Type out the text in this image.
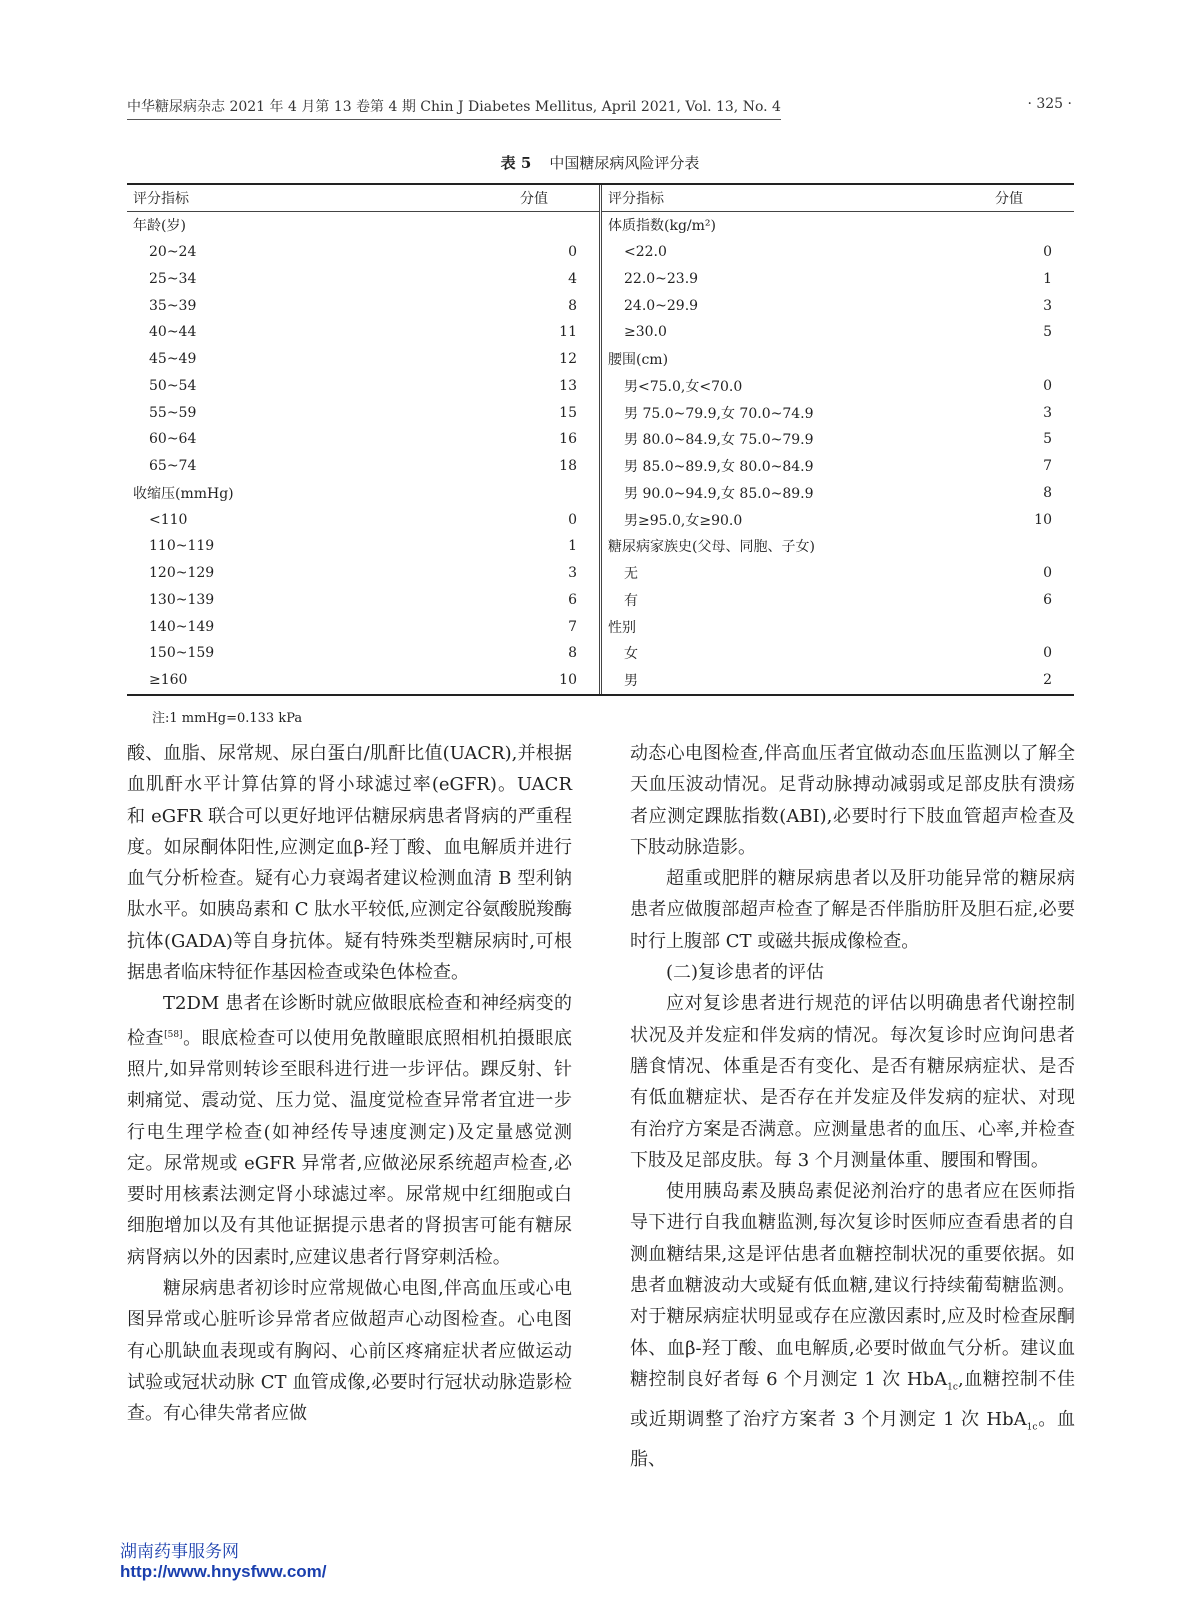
中华糖尿病杂志 2021 年 4 月第 13 卷第 4 期 Chin J Diabetes Mellitus, April 2021, Vol. 13, No. 4	· 325 ·
表 5 中国糖尿病风险评分表
评分指标	分值
年龄(岁)
20~24	0
25~34	4
35~39	8
40~44	11
45~49	12
50~54	13
55~59	15
60~64	16
65~74	18
收缩压(mmHg)
<110	0
110~119	1
120~129	3
130~139	6
140~149	7
150~159	8
≥160	10
评分指标	分值
体质指数(kg/m²)
<22.0	0
22.0~23.9	1
24.0~29.9	3
≥30.0	5
腰围(cm)
男<75.0,女<70.0	0
男 75.0~79.9,女 70.0~74.9	3
男 80.0~84.9,女 75.0~79.9	5
男 85.0~89.9,女 80.0~84.9	7
男 90.0~94.9,女 85.0~89.9	8
男≥95.0,女≥90.0	10
糖尿病家族史(父母、同胞、子女)
无	0
有	6
性别
女	0
男	2
注:1 mmHg=0.133 kPa

酸、血脂、尿常规、尿白蛋白/肌酐比值(UACR),并根据血肌酐水平计算估算的肾小球滤过率(eGFR)。UACR 和 eGFR 联合可以更好地评估糖尿病患者肾病的严重程度。如尿酮体阳性,应测定血β-羟丁酸、血电解质并进行血气分析检查。疑有心力衰竭者建议检测血清 B 型利钠肽水平。如胰岛素和 C 肽水平较低,应测定谷氨酸脱羧酶抗体(GADA)等自身抗体。疑有特殊类型糖尿病时,可根据患者临床特征作基因检查或染色体检查。

T2DM 患者在诊断时就应做眼底检查和神经病变的检查[58]。眼底检查可以使用免散瞳眼底照相机拍摄眼底照片,如异常则转诊至眼科进行进一步评估。踝反射、针刺痛觉、震动觉、压力觉、温度觉检查异常者宜进一步行电生理学检查(如神经传导速度测定)及定量感觉测定。尿常规或 eGFR 异常者,应做泌尿系统超声检查,必要时用核素法测定肾小球滤过率。尿常规中红细胞或白细胞增加以及有其他证据提示患者的肾损害可能有糖尿病肾病以外的因素时,应建议患者行肾穿刺活检。

糖尿病患者初诊时应常规做心电图,伴高血压或心电图异常或心脏听诊异常者应做超声心动图检查。心电图有心肌缺血表现或有胸闷、心前区疼痛症状者应做运动试验或冠状动脉 CT 血管成像,必要时行冠状动脉造影检查。有心律失常者应做

动态心电图检查,伴高血压者宜做动态血压监测以了解全天血压波动情况。足背动脉搏动减弱或足部皮肤有溃疡者应测定踝肱指数(ABI),必要时行下肢血管超声检查及下肢动脉造影。

超重或肥胖的糖尿病患者以及肝功能异常的糖尿病患者应做腹部超声检查了解是否伴脂肪肝及胆石症,必要时行上腹部 CT 或磁共振成像检查。

(二)复诊患者的评估

应对复诊患者进行规范的评估以明确患者代谢控制状况及并发症和伴发病的情况。每次复诊时应询问患者膳食情况、体重是否有变化、是否有糖尿病症状、是否有低血糖症状、是否存在并发症及伴发病的症状、对现有治疗方案是否满意。应测量患者的血压、心率,并检查下肢及足部皮肤。每 3 个月测量体重、腰围和臀围。

使用胰岛素及胰岛素促泌剂治疗的患者应在医师指导下进行自我血糖监测,每次复诊时医师应查看患者的自测血糖结果,这是评估患者血糖控制状况的重要依据。如患者血糖波动大或疑有低血糖,建议行持续葡萄糖监测。对于糖尿病症状明显或存在应激因素时,应及时检查尿酮体、血β-羟丁酸、血电解质,必要时做血气分析。建议血糖控制良好者每 6 个月测定 1 次 HbA$_{1c}$,血糖控制不佳或近期调整了治疗方案者 3 个月测定 1 次 HbA$_{1c}$。血脂、

湖南药事服务网
http://www.hnysfww.com/
